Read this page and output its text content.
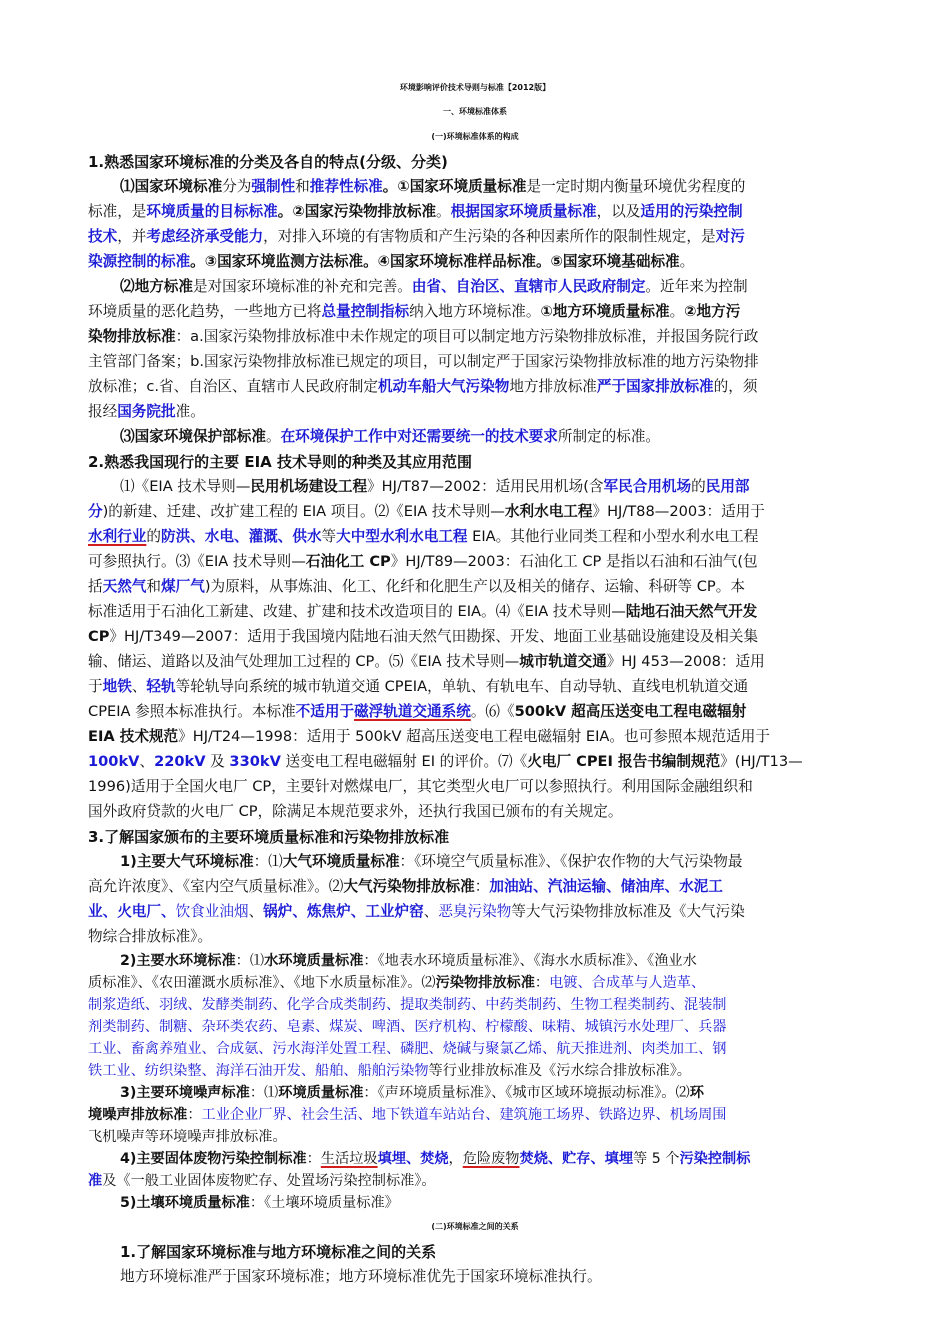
环境影响评价技术导则与标准【2012版】
一、环境标准体系
(一)环境标准体系的构成
1.熟悉国家环境标准的分类及各自的特点(分级、分类)
⑴国家环境标准分为强制性和推荐性标准。①国家环境质量标准是一定时期内衡量环境优劣程度的
标准，是环境质量的目标标准。②国家污染物排放标准。根据国家环境质量标准，以及适用的污染控制
技术，并考虑经济承受能力，对排入环境的有害物质和产生污染的各种因素所作的限制性规定，是对污
染源控制的标准。③国家环境监测方法标准。④国家环境标准样品标准。⑤国家环境基础标准。
⑵地方标准是对国家环境标准的补充和完善。由省、自治区、直辖市人民政府制定。近年来为控制
环境质量的恶化趋势，一些地方已将总量控制指标纳入地方环境标准。①地方环境质量标准。②地方污
染物排放标准：a.国家污染物排放标准中未作规定的项目可以制定地方污染物排放标准，并报国务院行政
主管部门备案；b.国家污染物排放标准已规定的项目，可以制定严于国家污染物排放标准的地方污染物排
放标准；c.省、自治区、直辖市人民政府制定机动车船大气污染物地方排放标准严于国家排放标准的，须
报经国务院批准。
⑶国家环境保护部标准。在环境保护工作中对还需要统一的技术要求所制定的标准。
2.熟悉我国现行的主要 EIA 技术导则的种类及其应用范围
⑴《EIA 技术导则—民用机场建设工程》HJ/T87—2002：适用民用机场(含军民合用机场的民用部
分)的新建、迁建、改扩建工程的 EIA 项目。⑵《EIA 技术导则—水利水电工程》HJ/T88—2003：适用于
水利行业的防洪、水电、灌溉、供水等大中型水利水电工程 EIA。其他行业同类工程和小型水利水电工程
可参照执行。⑶《EIA 技术导则—石油化工 CP》HJ/T89—2003：石油化工 CP 是指以石油和石油气(包
括天然气和煤厂气)为原料，从事炼油、化工、化纤和化肥生产以及相关的储存、运输、科研等 CP。本
标准适用于石油化工新建、改建、扩建和技术改造项目的 EIA。⑷《EIA 技术导则—陆地石油天然气开发
CP》HJ/T349—2007：适用于我国境内陆地石油天然气田勘探、开发、地面工业基础设施建设及相关集
输、储运、道路以及油气处理加工过程的 CP。⑸《EIA 技术导则—城市轨道交通》HJ 453—2008：适用
于地铁、轻轨等轮轨导向系统的城市轨道交通 CPEIA，单轨、有轨电车、自动导轨、直线电机轨道交通
CPEIA 参照本标准执行。本标准不适用于磁浮轨道交通系统。⑹《500kV 超高压送变电工程电磁辐射
EIA 技术规范》HJ/T24—1998：适用于 500kV 超高压送变电工程电磁辐射 EIA。也可参照本规范适用于
100kV、220kV 及 330kV 送变电工程电磁辐射 EI 的评价。⑺《火电厂 CPEI 报告书编制规范》(HJ/T13—
1996)适用于全国火电厂 CP，主要针对燃煤电厂，其它类型火电厂可以参照执行。利用国际金融组织和
国外政府贷款的火电厂 CP，除满足本规范要求外，还执行我国已颁布的有关规定。
3.了解国家颁布的主要环境质量标准和污染物排放标准
1)主要大气环境标准：⑴大气环境质量标准：《环境空气质量标准》、《保护农作物的大气污染物最
高允许浓度》、《室内空气质量标准》。⑵大气污染物排放标准：加油站、汽油运输、储油库、水泥工
业、火电厂、饮食业油烟、锅炉、炼焦炉、工业炉窑、恶臭污染物等大气污染物排放标准及《大气污染
物综合排放标准》。
2)主要水环境标准：⑴水环境质量标准：《地表水环境质量标准》、《海水水质标准》、《渔业水
质标准》、《农田灌溉水质标准》、《地下水质量标准》。⑵污染物排放标准：电镀、合成革与人造革、
制浆造纸、羽绒、发酵类制药、化学合成类制药、提取类制药、中药类制药、生物工程类制药、混装制
剂类制药、制糖、杂环类农药、皂素、煤炭、啤酒、医疗机构、柠檬酸、味精、城镇污水处理厂、兵器
工业、畜禽养殖业、合成氨、污水海洋处置工程、磷肥、烧碱与聚氯乙烯、航天推进剂、肉类加工、钢
铁工业、纺织染整、海洋石油开发、船舶、船舶污染物等行业排放标准及《污水综合排放标准》。
3)主要环境噪声标准：⑴环境质量标准：《声环境质量标准》、《城市区域环境振动标准》。⑵环
境噪声排放标准：工业企业厂界、社会生活、地下铁道车站站台、建筑施工场界、铁路边界、机场周围
飞机噪声等环境噪声排放标准。
4)主要固体废物污染控制标准：生活垃圾填埋、焚烧，危险废物焚烧、贮存、填埋等 5 个污染控制标
准及《一般工业固体废物贮存、处置场污染控制标准》。
5)土壤环境质量标准：《土壤环境质量标准》
(二)环境标准之间的关系
1.了解国家环境标准与地方环境标准之间的关系
地方环境标准严于国家环境标准；地方环境标准优先于国家环境标准执行。
